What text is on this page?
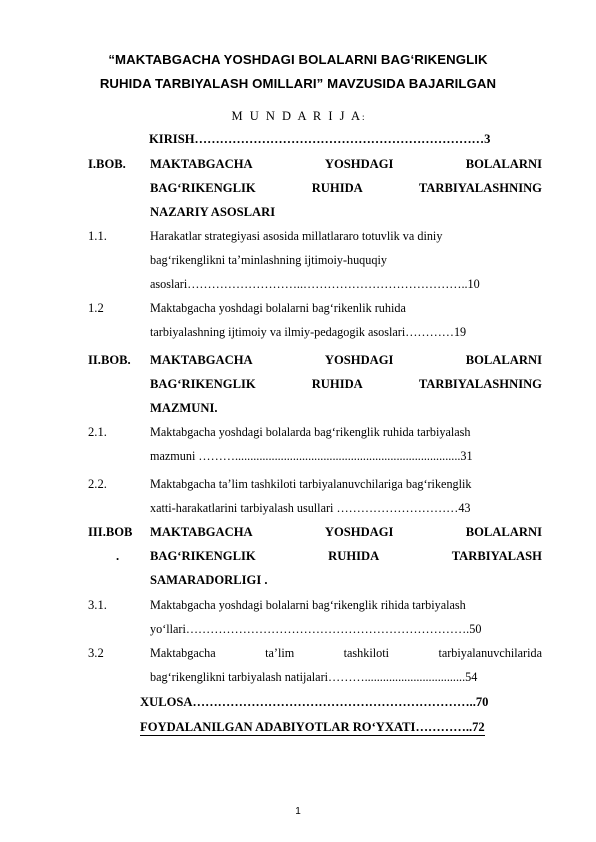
“MAKTABGACHA YOSHDAGI BOLALARNI BAG‘RIKENGLIK
RUHIDA TARBIYALASH OMILLARI” MAVZUSIDA BAJARILGAN
M U N D A R I J A:
KIRISH……………………………………………………………3
I.BOB. MAKTABGACHA	YOSHDAGI	BOLALARNI
BAG‘RIKENGLIK	RUHIDA	TARBIYALASHNING
NAZARIY ASOSLARI
1.1.	Harakatlar strategiyasi asosida millatlararo totuvlik va diniy
bag‘rikenglikni ta’minlashning ijtimoiy-huquqiy
asoslari………………………..…………………………………..10
1.2	Maktabgacha yoshdagi bolalarni bag‘rikenlik ruhida
tarbiyalashning ijtimoiy va ilmiy-pedagogik asoslari…………19
II.BOB. MAKTABGACHA	YOSHDAGI	BOLALARNI
BAG‘RIKENGLIK	RUHIDA	TARBIYALASHNING
MAZMUNI.
2.1.	Maktabgacha yoshdagi bolalarda bag‘rikenglik ruhida tarbiyalash
mazmuni ………..........................................................................31
2.2.	Maktabgacha ta’lim tashkiloti tarbiyalanuvchilariga bag‘rikenglik
xatti-harakatlarini tarbiyalash usullari …………………………43
III.BOB
.
MAKTABGACHA	YOSHDAGI	BOLALARNI
BAG‘RIKENGLIK	RUHIDA	TARBIYALASH
SAMARADORLIGI .
3.1.	Maktabgacha yoshdagi bolalarni bag‘rikenglik rihida tarbiyalash
yo‘llari…………………………………………………………….50
3.2	Maktabgacha	ta’lim	tashkiloti	tarbiyalanuvchilarida
bag‘rikenglikni tarbiyalash natijalari……….................................54
XULOSA…………………………………………………………..70
FOYDALANILGAN ADABIYOTLAR RO‘YXATI…………..72
1
